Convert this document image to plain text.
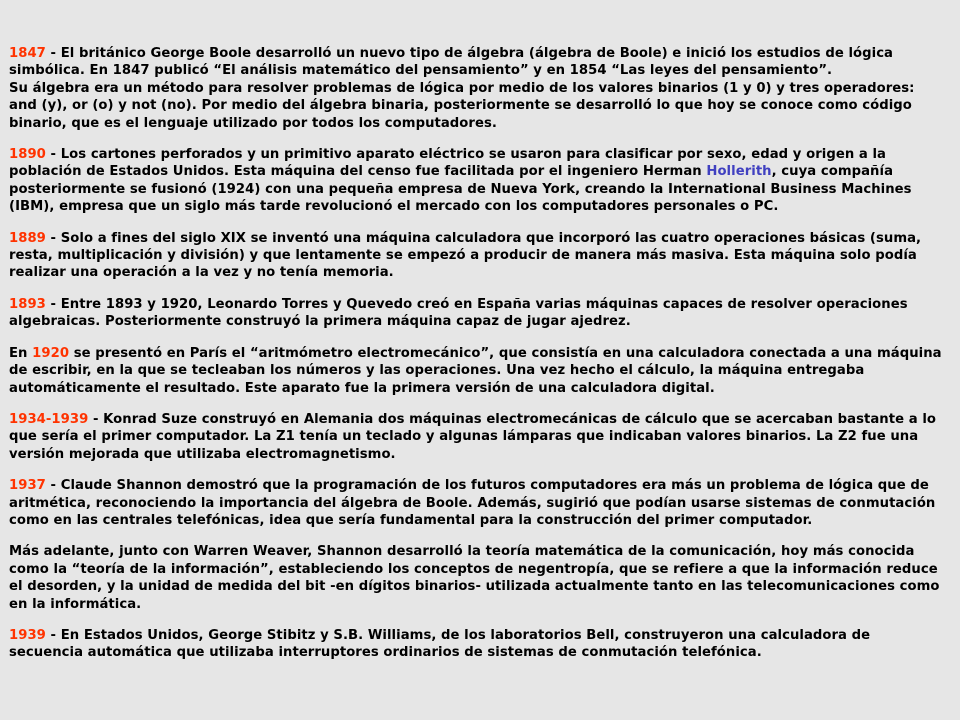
1847 - El británico George Boole desarrolló un nuevo tipo de álgebra (álgebra de Boole) e inició los estudios de lógica simbólica. En 1847 publicó “El análisis matemático del pensamiento” y en 1854 “Las leyes del pensamiento”.

Su álgebra era un método para resolver problemas de lógica por medio de los valores binarios (1 y 0) y tres operadores: and (y), or (o) y not (no). Por medio del álgebra binaria, posteriormente se desarrolló lo que hoy se conoce como código binario, que es el lenguaje utilizado por todos los computadores.

1890 - Los cartones perforados y un primitivo aparato eléctrico se usaron para clasificar por sexo, edad y origen a la población de Estados Unidos. Esta máquina del censo fue facilitada por el ingeniero Herman Hollerith, cuya compañía posteriormente se fusionó (1924) con una pequeña empresa de Nueva York, creando la International Business Machines (IBM), empresa que un siglo más tarde revolucionó el mercado con los computadores personales o PC.

1889 - Solo a fines del siglo XIX se inventó una máquina calculadora que incorporó las cuatro operaciones básicas (suma, resta, multiplicación y división) y que lentamente se empezó a producir de manera más masiva. Esta máquina solo podía realizar una operación a la vez y no tenía memoria.

1893 - Entre 1893 y 1920, Leonardo Torres y Quevedo creó en España varias máquinas capaces de resolver operaciones algebraicas. Posteriormente construyó la primera máquina capaz de jugar ajedrez.

En 1920 se presentó en París el “aritmómetro electromecánico”, que consistía en una calculadora conectada a una máquina de escribir, en la que se tecleaban los números y las operaciones. Una vez hecho el cálculo, la máquina entregaba automáticamente el resultado. Este aparato fue la primera versión de una calculadora digital.

1934-1939 - Konrad Suze construyó en Alemania dos máquinas electromecánicas de cálculo que se acercaban bastante a lo que sería el primer computador. La Z1 tenía un teclado y algunas lámparas que indicaban valores binarios. La Z2 fue una versión mejorada que utilizaba electromagnetismo.

1937 - Claude Shannon demostró que la programación de los futuros computadores era más un problema de lógica que de aritmética, reconociendo la importancia del álgebra de Boole. Además, sugirió que podían usarse sistemas de conmutación como en las centrales telefónicas, idea que sería fundamental para la construcción del primer computador.

Más adelante, junto con Warren Weaver, Shannon desarrolló la teoría matemática de la comunicación, hoy más conocida como la “teoría de la información”, estableciendo los conceptos de negentropía, que se refiere a que la información reduce el desorden, y la unidad de medida del bit -en dígitos binarios- utilizada actualmente tanto en las telecomunicaciones como en la informática.

1939 - En Estados Unidos, George Stibitz y S.B. Williams, de los laboratorios Bell, construyeron una calculadora de secuencia automática que utilizaba interruptores ordinarios de sistemas de conmutación telefónica.
